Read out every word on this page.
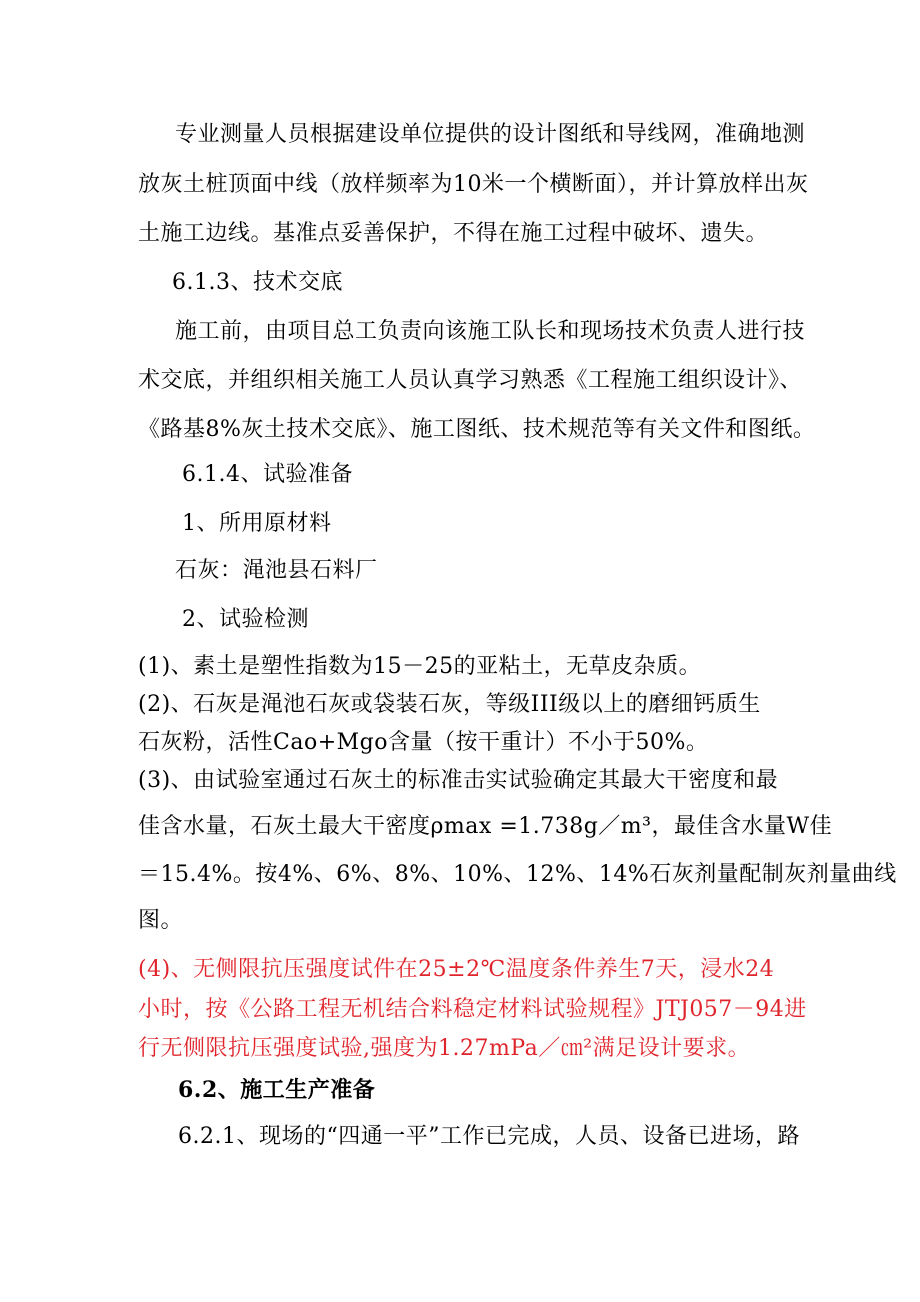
专业测量人员根据建设单位提供的设计图纸和导线网，准确地测
放灰土桩顶面中线（放样频率为10米一个横断面），并计算放样出灰
土施工边线。基准点妥善保护，不得在施工过程中破坏、遗失。
6.1.3、技术交底
施工前，由项目总工负责向该施工队长和现场技术负责人进行技
术交底，并组织相关施工人员认真学习熟悉《工程施工组织设计》、
《路基8%灰土技术交底》、施工图纸、技术规范等有关文件和图纸。
6.1.4、试验准备
1、所用原材料
石灰：渑池县石料厂
2、试验检测
(1)、素土是塑性指数为15－25的亚粘土，无草皮杂质。
(2)、石灰是渑池石灰或袋装石灰，等级III级以上的磨细钙质生
石灰粉，活性Cao+Mgo含量（按干重计）不小于50%。
(3)、由试验室通过石灰土的标准击实试验确定其最大干密度和最
佳含水量，石灰土最大干密度ρmax =1.738g／m³，最佳含水量W佳
＝15.4%。按4%、6%、8%、10%、12%、14%石灰剂量配制灰剂量曲线
图。
(4)、无侧限抗压强度试件在25±2℃温度条件养生7天，浸水24
小时，按《公路工程无机结合料稳定材料试验规程》JTJ057－94进
行无侧限抗压强度试验,强度为1.27mPa／㎝²满足设计要求。
6.2、施工生产准备
6.2.1、现场的“四通一平”工作已完成，人员、设备已进场，路
